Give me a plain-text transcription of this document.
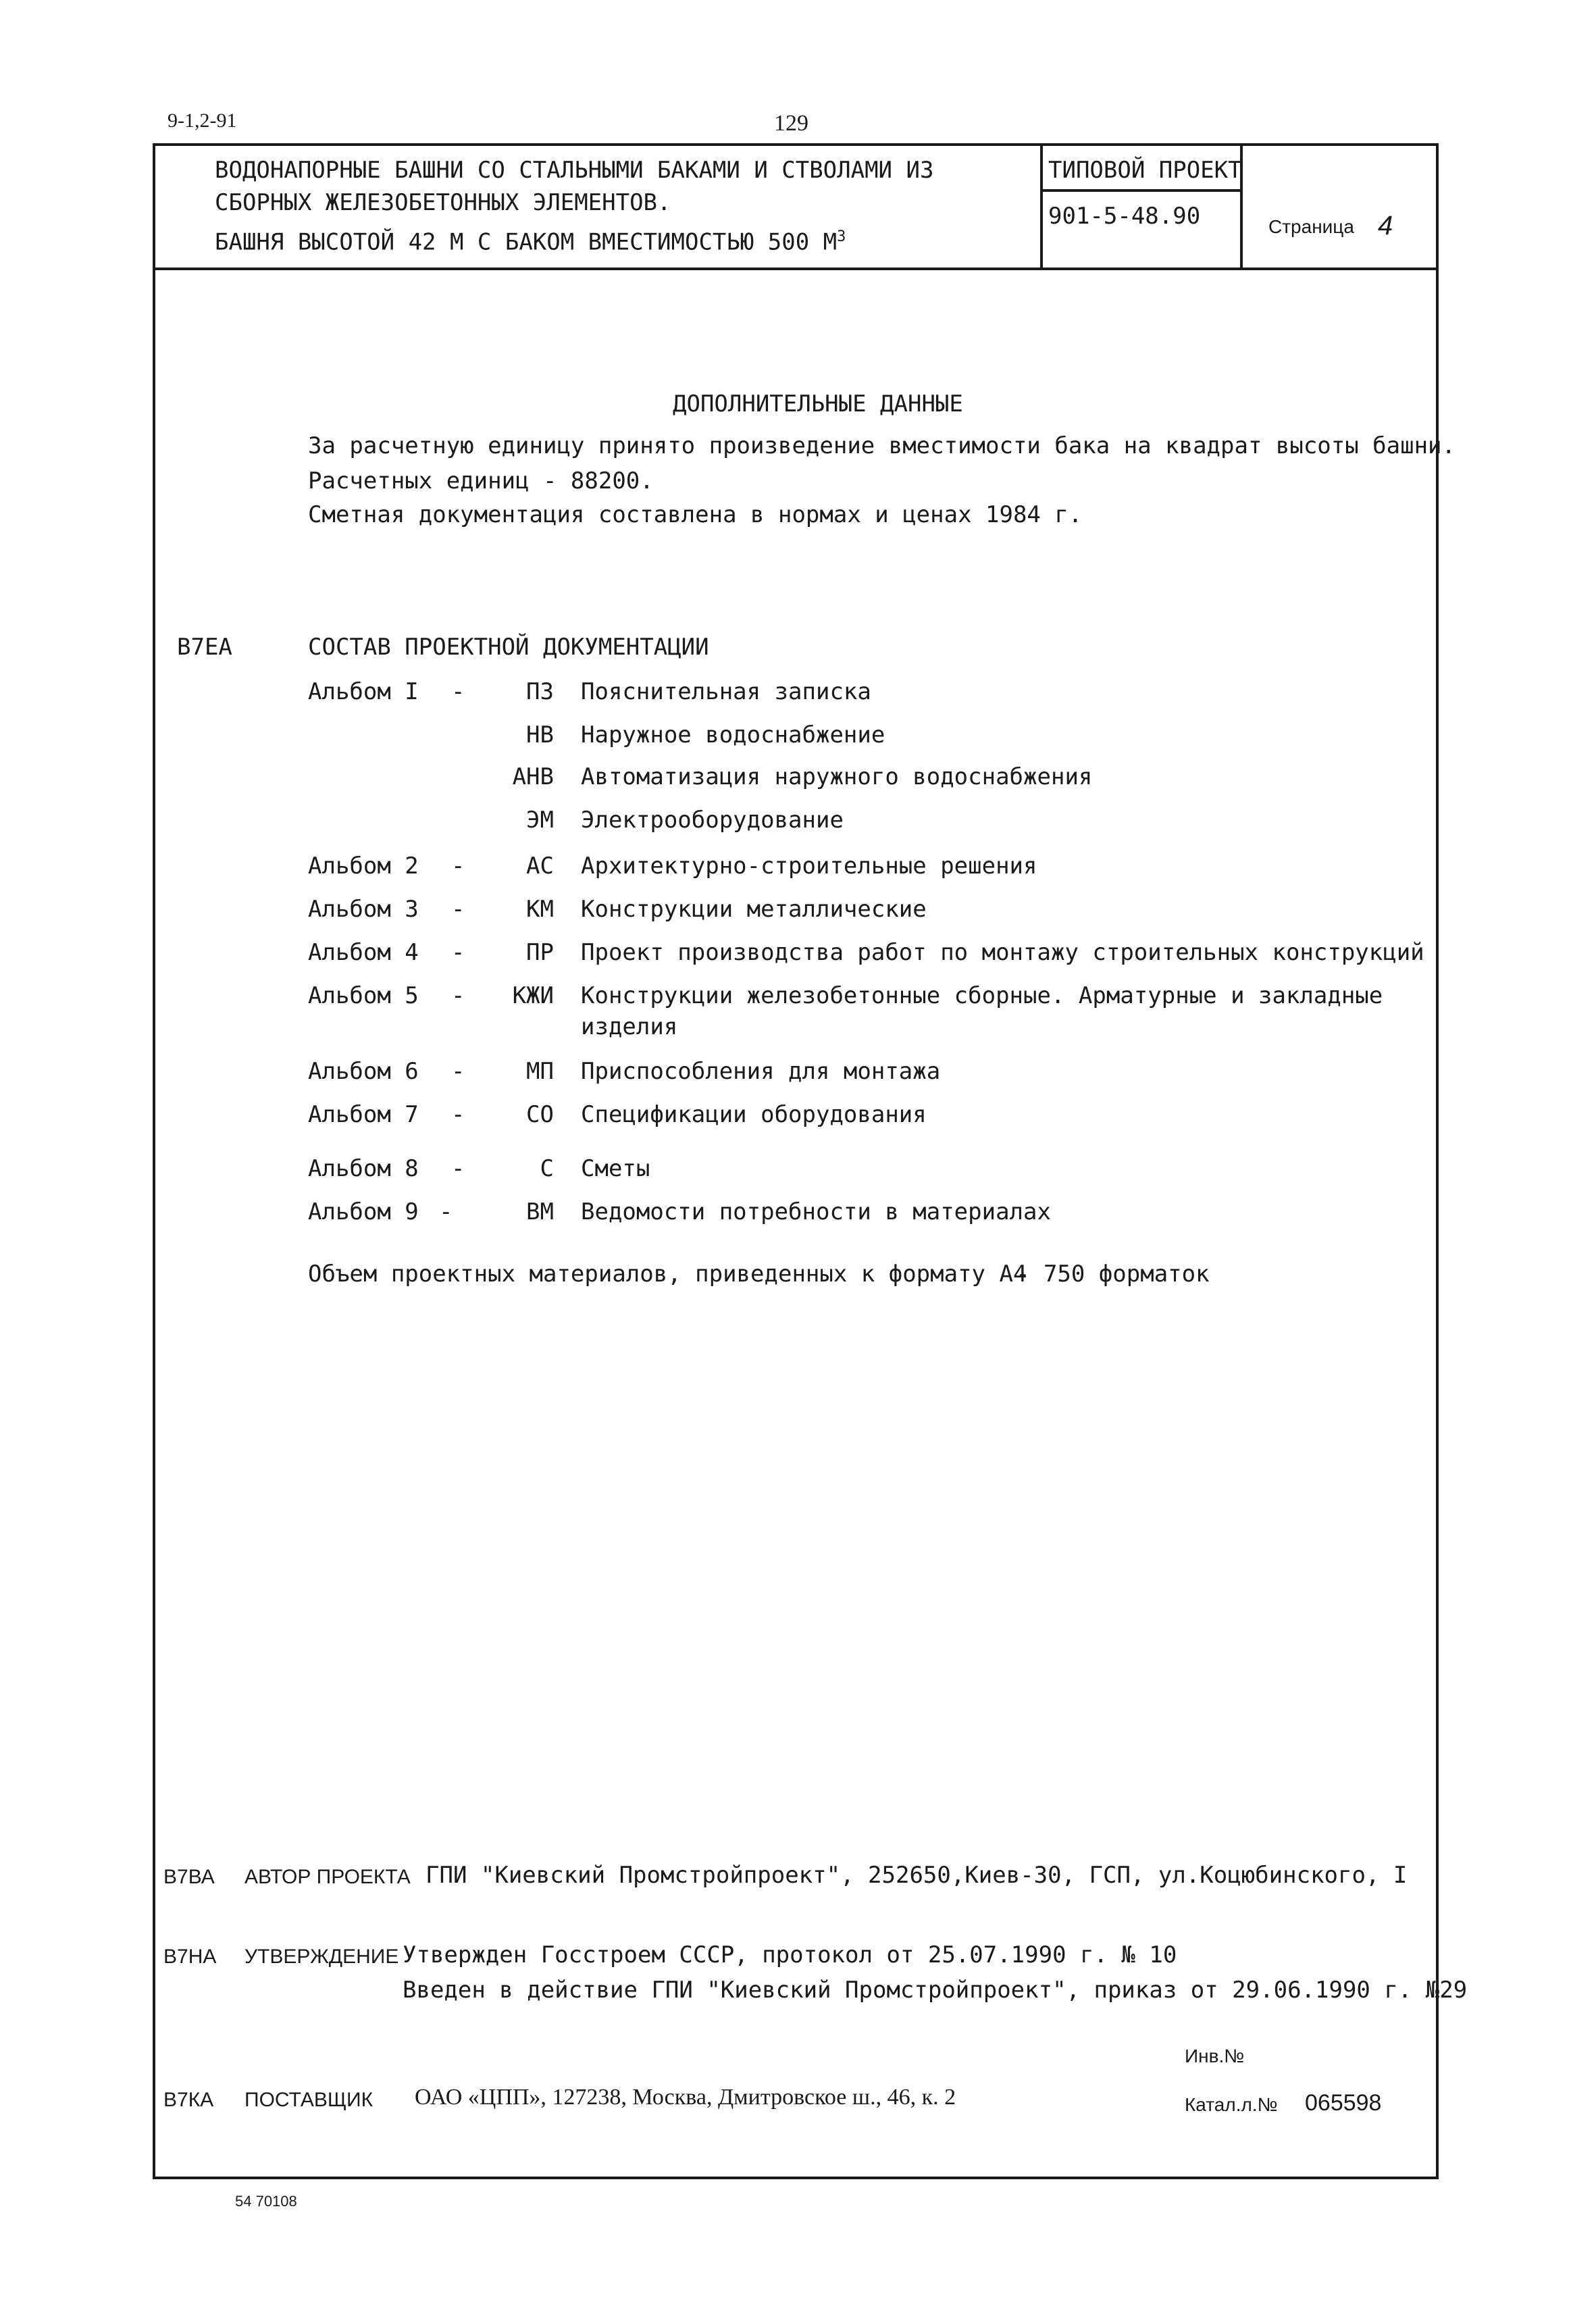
9-1,2-91	129
ВОДОНАПОРНЫЕ БАШНИ СО СТАЛЬНЫМИ БАКАМИ И СТВОЛАМИ ИЗ
СБОРНЫХ ЖЕЛЕЗОБЕТОННЫХ ЭЛЕМЕНТОВ.
БАШНЯ ВЫСОТОЙ 42 М С БАКОМ ВМЕСТИМОСТЬЮ 500 $М^3$
ТИПОВОЙ ПРОЕКТ
901-5-48.90	Страница 4
ДОПОЛНИТЕЛЬНЫЕ ДАННЫЕ
За расчетную единицу принято произведение вместимости бака на квадрат высоты башни.
Расчетных единиц - 88200.
Сметная документация составлена в нормах и ценах 1984 г.
В7ЕА	СОСТАВ ПРОЕКТНОЙ ДОКУМЕНТАЦИИ
Альбом I -	ПЗ Пояснительная записка
НВ Наружное водоснабжение
АНВ Автоматизация наружного водоснабжения
ЭМ Электрооборудование
Альбом 2 -	АС Архитектурно-строительные решения
Альбом 3 -	КМ Конструкции металлические
Альбом 4 -	ПР Проект производства работ по монтажу строительных конструкций
Альбом 5 -	КЖИ Конструкции железобетонные сборные. Арматурные и закладные
изделия
Альбом 6 -	МП Приспособления для монтажа
Альбом 7 -	СО Спецификации оборудования
Альбом 8 -	С Сметы
Альбом 9 -	ВМ Ведомости потребности в материалах
Объем проектных материалов, приведенных к формату А4
- 750 форматок
В7ВА АВТОР ПРОЕКТА ГПИ "Киевский Промстройпроект", 252650,Киев-30, ГСП, ул.Коцюбинского, I
В7НА УТВЕРЖДЕНИЕ Утвержден Госстроем СССР, протокол от 25.07.1990 г. № 10
Введен в действие ГПИ "Киевский Промстройпроект", приказ от 29.06.1990 г. №29
Инв.№
В7КА ПОСТАВЩИК ОАО «ЦПП», 127238, Москва, Дмитровское ш., 46, к. 2	Катал.л.№ 065598
54 70108
